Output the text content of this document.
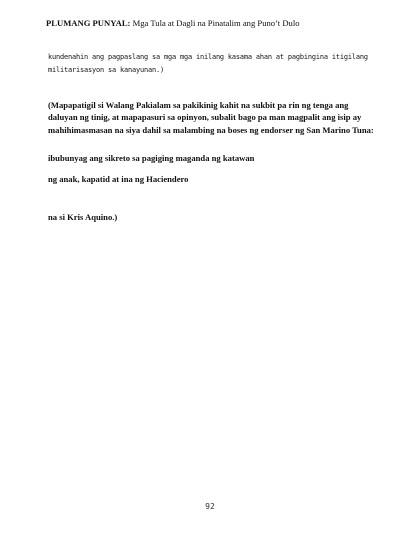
PLUMANG PUNYAL: Mga Tula at Dagli na Pinatalim ang Puno’t Dulo

kundenahin ang pagpaslang sa mga mga inilang kasama ahan at pagbingina itigilang

militarisasyon sa kanayunan.)

(Mapapatigil si Walang Pakialam sa pakikinig kahit na sukbit pa rin ng tenga ang daluyan ng tinig, at mapapasuri sa opinyon, subalit bago pa man magpalit ang isip ay mahihimasmasan na siya dahil sa malambing na boses ng endorser ng San Marino Tuna:

ibubunyag ang sikreto sa pagiging maganda ng katawan

ng anak, kapatid at ina ng Haciendero

na si Kris Aquino.)

92
